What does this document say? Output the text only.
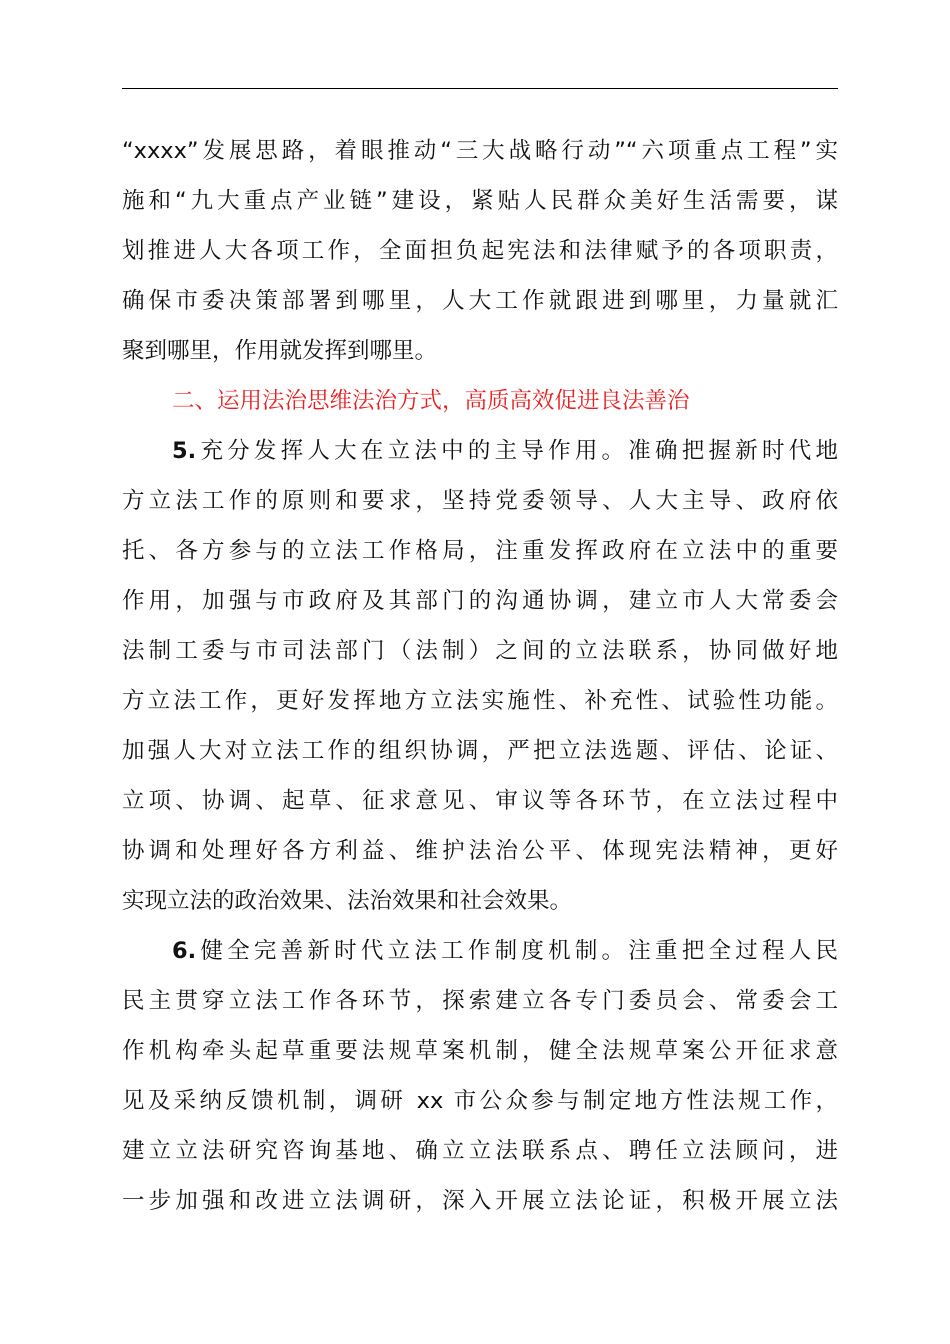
“xxxx”发展思路，着眼推动“三大战略行动”“六项重点工程”实
施和“九大重点产业链”建设，紧贴人民群众美好生活需要，谋
划推进人大各项工作，全面担负起宪法和法律赋予的各项职责，
确保市委决策部署到哪里，人大工作就跟进到哪里，力量就汇
聚到哪里，作用就发挥到哪里。
二、运用法治思维法治方式，高质高效促进良法善治
5.充分发挥人大在立法中的主导作用。准确把握新时代地
方立法工作的原则和要求，坚持党委领导、人大主导、政府依
托、各方参与的立法工作格局，注重发挥政府在立法中的重要
作用，加强与市政府及其部门的沟通协调，建立市人大常委会
法制工委与市司法部门（法制）之间的立法联系，协同做好地
方立法工作，更好发挥地方立法实施性、补充性、试验性功能。
加强人大对立法工作的组织协调，严把立法选题、评估、论证、
立项、协调、起草、征求意见、审议等各环节，在立法过程中
协调和处理好各方利益、维护法治公平、体现宪法精神，更好
实现立法的政治效果、法治效果和社会效果。
6.健全完善新时代立法工作制度机制。注重把全过程人民
民主贯穿立法工作各环节，探索建立各专门委员会、常委会工
作机构牵头起草重要法规草案机制，健全法规草案公开征求意
见及采纳反馈机制，调研 xx 市公众参与制定地方性法规工作，
建立立法研究咨询基地、确立立法联系点、聘任立法顾问，进
一步加强和改进立法调研，深入开展立法论证，积极开展立法
